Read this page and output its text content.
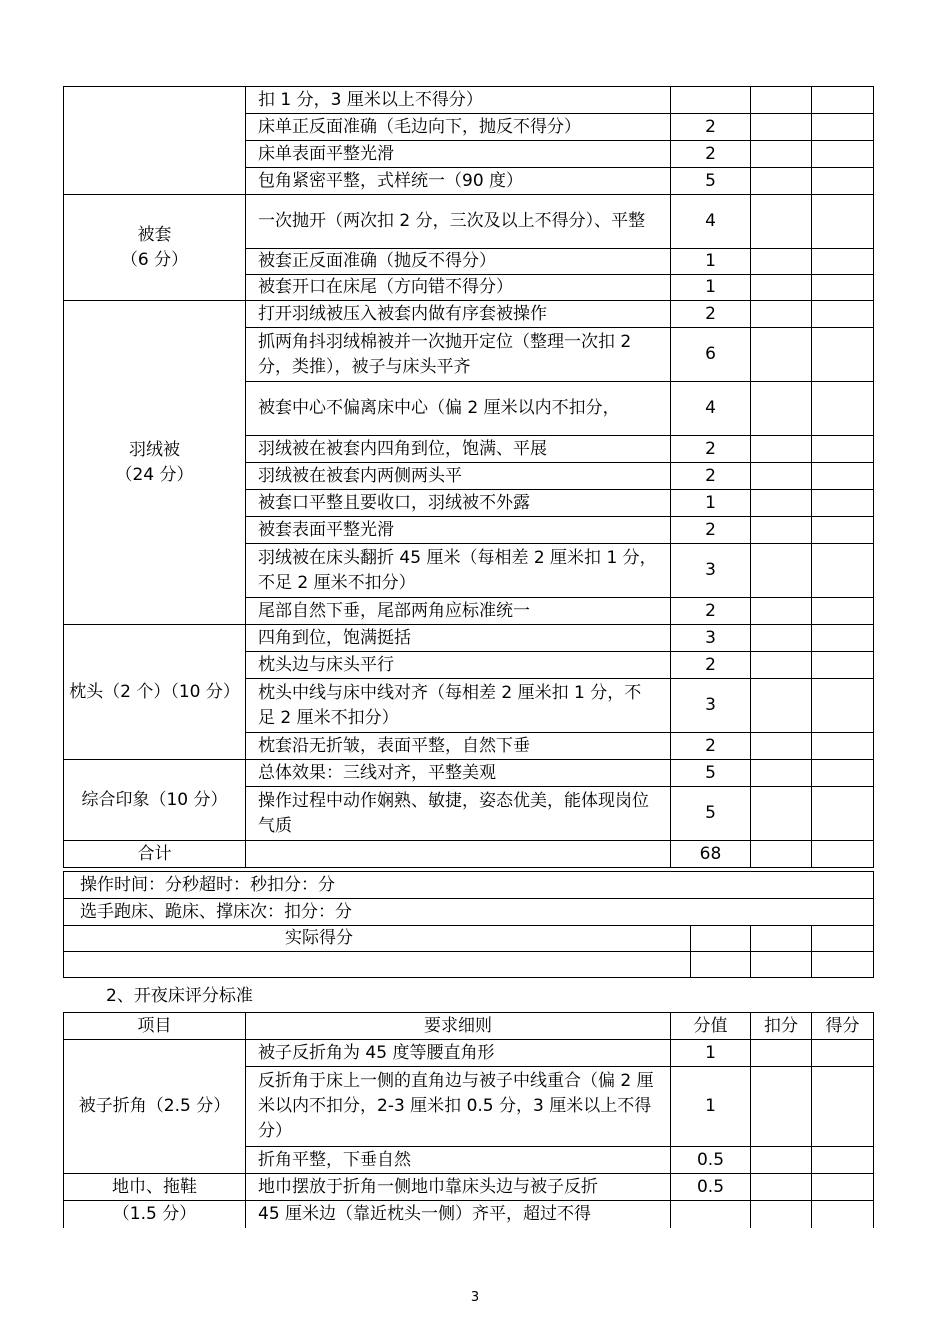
	扣 1 分，3 厘米以上不得分）			
	床单正反面准确（毛边向下，抛反不得分）	2		
	床单表面平整光滑	2		
	包角紧密平整，式样统一（90 度）	5		
被套
（6 分）	一次抛开（两次扣 2 分，三次及以上不得分）、平整	4		
	被套正反面准确（抛反不得分）	1		
	被套开口在床尾（方向错不得分）	1		
羽绒被
（24 分）	打开羽绒被压入被套内做有序套被操作	2		
	抓两角抖羽绒棉被并一次抛开定位（整理一次扣 2 分，类推），被子与床头平齐	6		
	被套中心不偏离床中心（偏 2 厘米以内不扣分，	4		
	羽绒被在被套内四角到位，饱满、平展	2		
	羽绒被在被套内两侧两头平	2		
	被套口平整且要收口，羽绒被不外露	1		
	被套表面平整光滑	2		
	羽绒被在床头翻折 45 厘米（每相差 2 厘米扣 1 分，不足 2 厘米不扣分）	3		
	尾部自然下垂，尾部两角应标准统一	2		
枕头（2 个）（10 分）	四角到位，饱满挺括	3		
	枕头边与床头平行	2		
	枕头中线与床中线对齐（每相差 2 厘米扣 1 分，不足 2 厘米不扣分）	3		
	枕套沿无折皱，表面平整，自然下垂	2		
综合印象（10 分）	总体效果：三线对齐，平整美观	5		
	操作过程中动作娴熟、敏捷，姿态优美，能体现岗位气质	5		
合计		68		
操作时间：分秒超时：秒扣分：分			
选手跑床、跪床、撑床次：扣分：分			
实际得分			

2、开夜床评分标准
项目	要求细则	分值	扣分	得分
被子折角（2.5 分）	被子反折角为 45 度等腰直角形	1		
	反折角于床上一侧的直角边与被子中线重合（偏 2 厘米以内不扣分，2-3 厘米扣 0.5 分，3 厘米以上不得分）	1		
	折角平整，下垂自然	0.5		
地巾、拖鞋	地巾摆放于折角一侧地巾靠床头边与被子反折	0.5		
（1.5 分）	45 厘米边（靠近枕头一侧）齐平，超过不得			
3
